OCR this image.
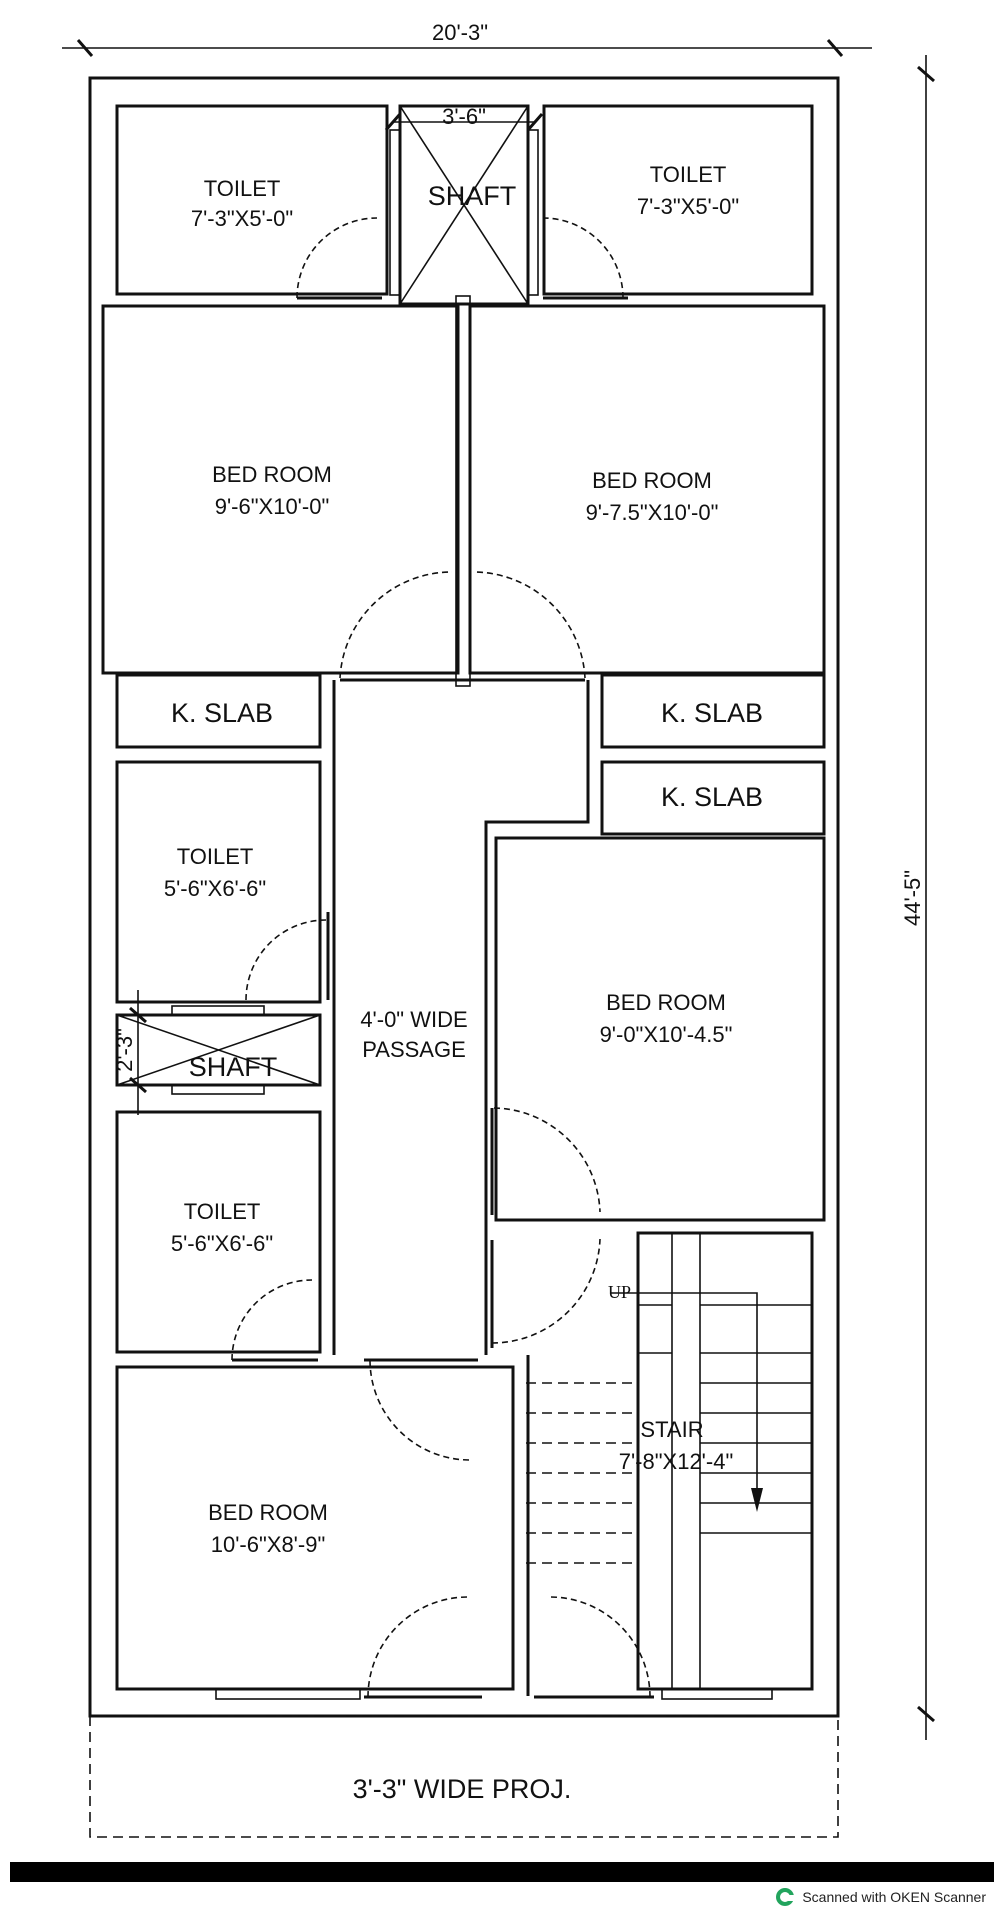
20'-3"
44'-5"
3'-6"
TOILET
7'-3"X5'-0"
SHAFT
TOILET
7'-3"X5'-0"
BED ROOM
9'-6"X10'-0"
BED ROOM
9'-7.5"X10'-0"
K. SLAB	K. SLAB
K. SLAB
4'-0" WIDE
PASSAGE
TOILET
5'-6"X6'-6"
SHAFT
2'-3"
BED ROOM
9'-0"X10'-4.5"
TOILET
5'-6"X6'-6"
UP
STAIR
7'-8"X12'-4"
BED ROOM
10'-6"X8'-9"
3'-3" WIDE PROJ.
Scanned with OKEN Scanner
